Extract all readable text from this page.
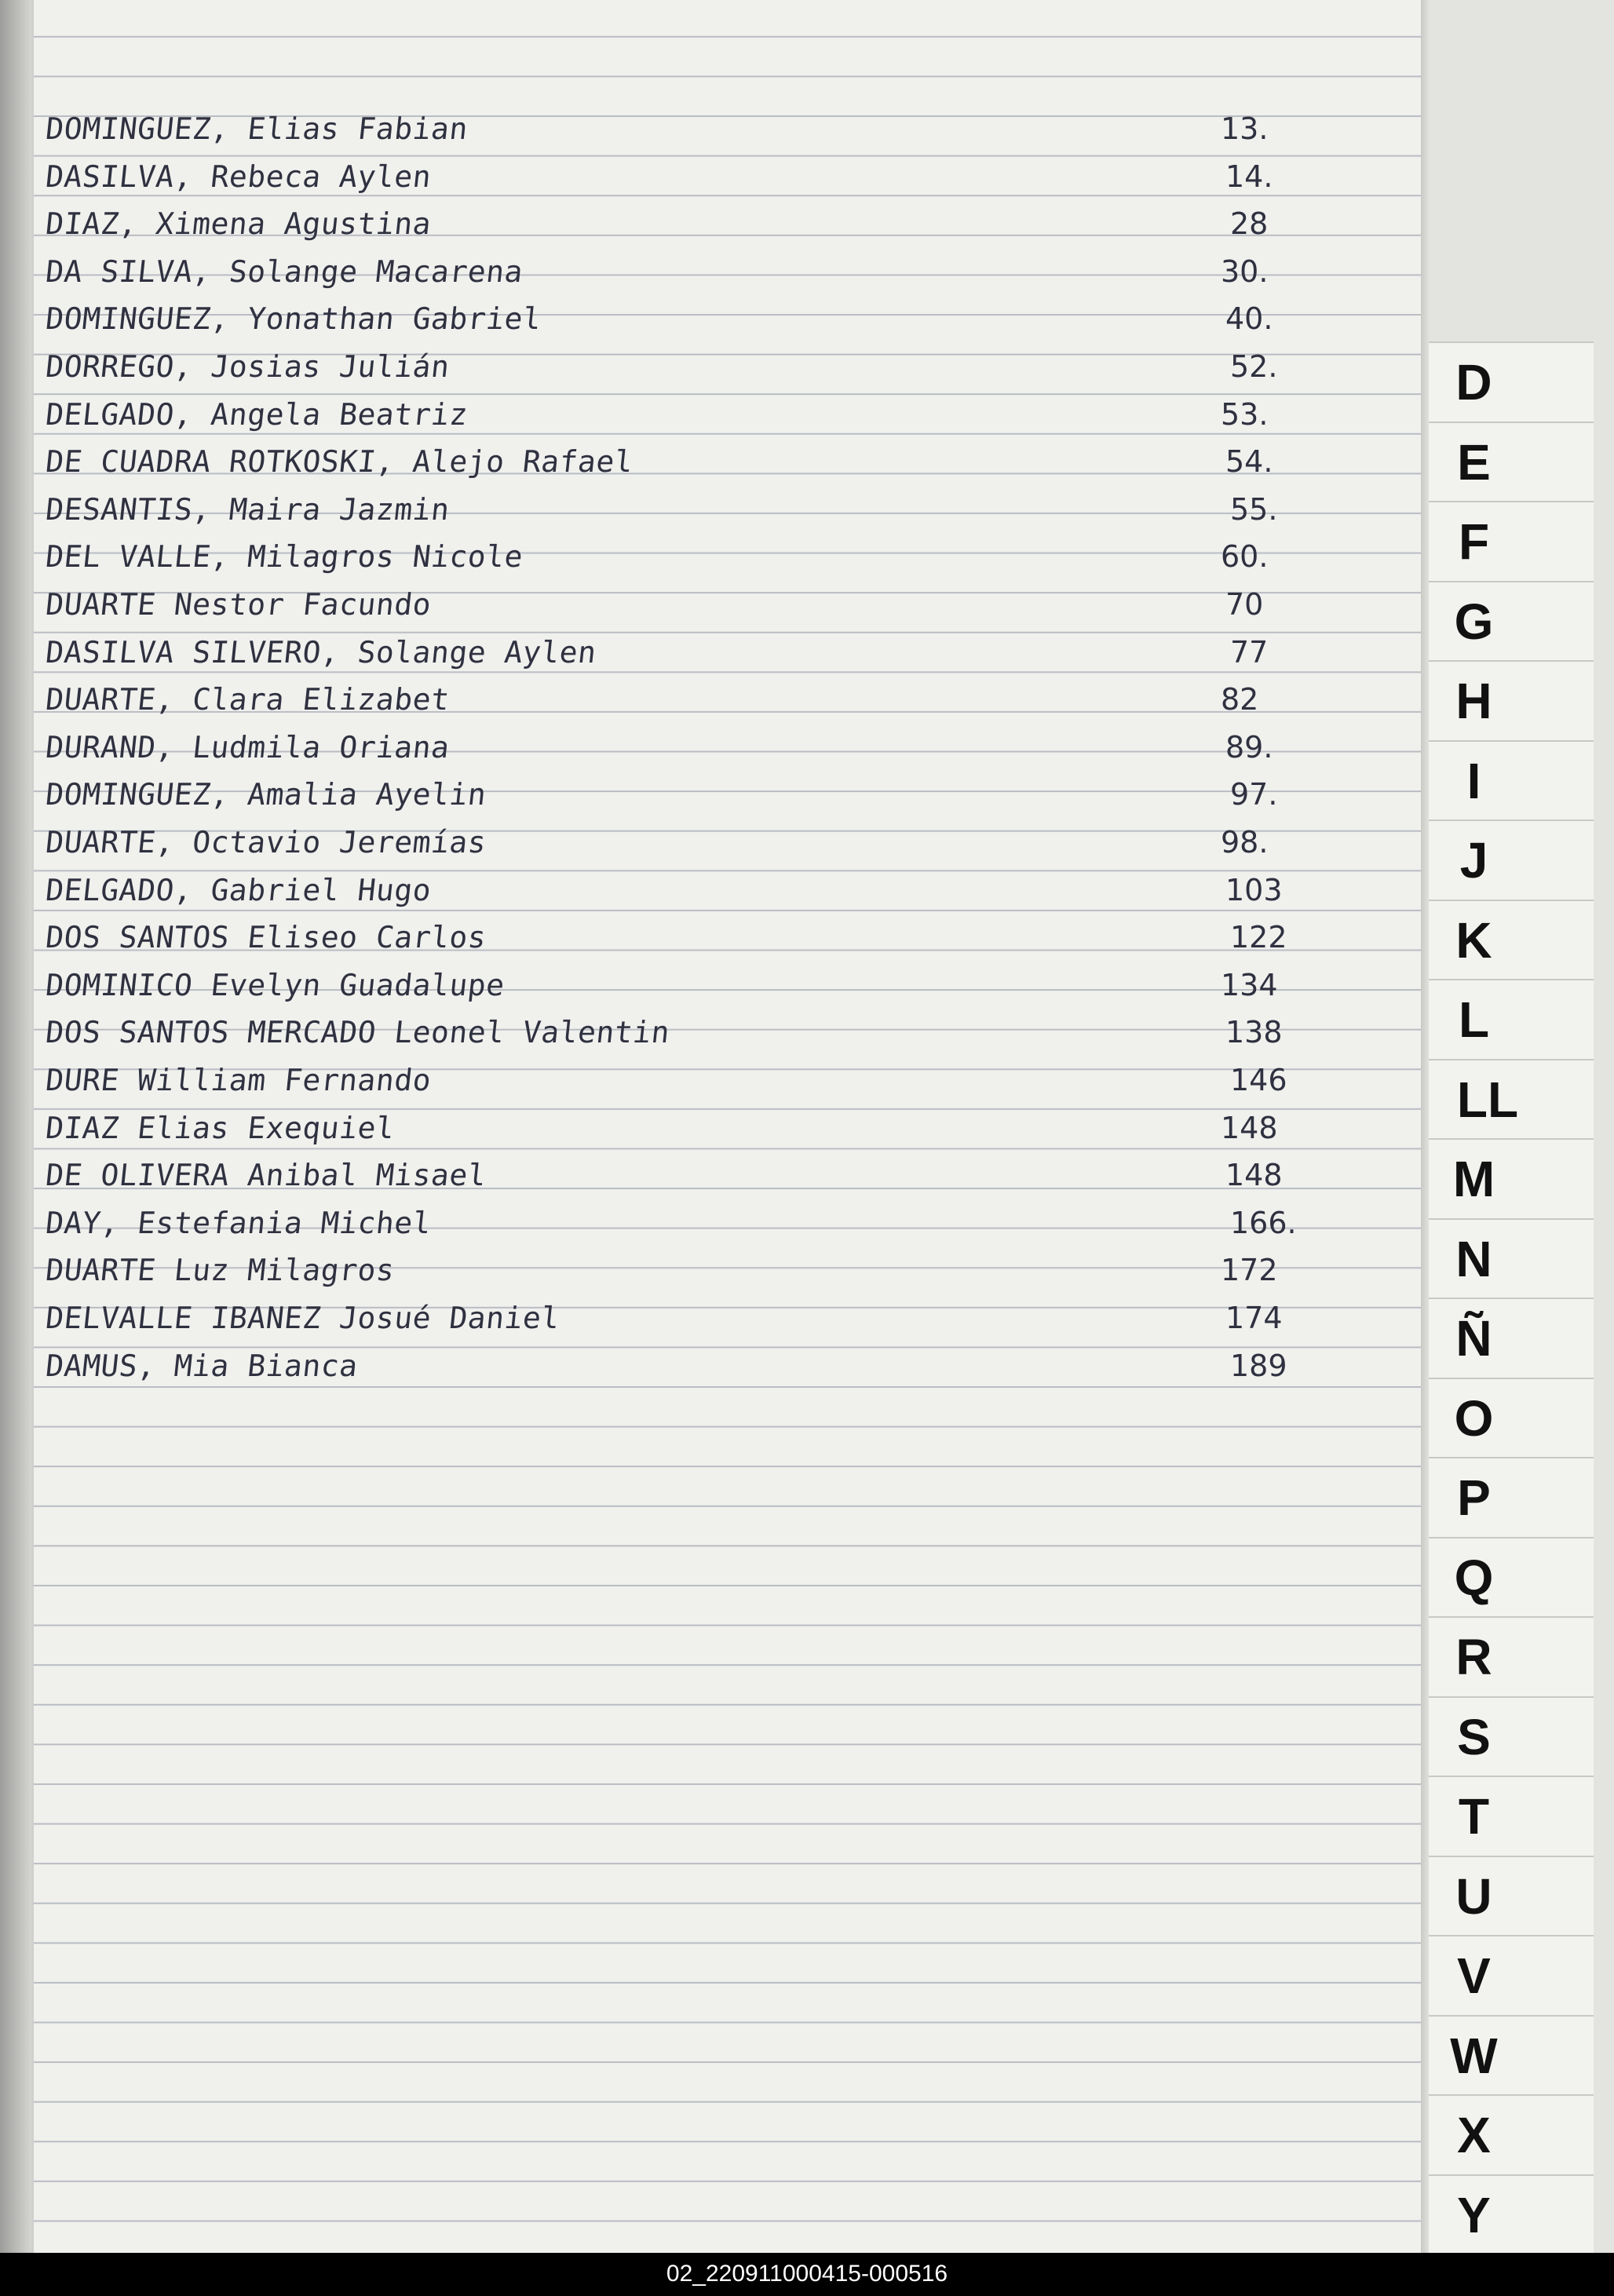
DOMINGUEZ, Elias Fabian	13.
DASILVA, Rebeca Aylen	14.
DIAZ, Ximena Agustina	28
DA SILVA, Solange Macarena	30.
DOMINGUEZ, Yonathan Gabriel	40.
DORREGO, Josias Julián	52.
DELGADO, Angela Beatriz	53.
DE CUADRA ROTKOSKI, Alejo Rafael	54.
DESANTIS, Maira Jazmin	55.
DEL VALLE, Milagros Nicole	60.
DUARTE Nestor Facundo	70
DASILVA SILVERO, Solange Aylen	77
DUARTE, Clara Elizabet	82
DURAND, Ludmila Oriana	89.
DOMINGUEZ, Amalia Ayelin	97.
DUARTE, Octavio Jeremías	98.
DELGADO, Gabriel Hugo	103
DOS SANTOS Eliseo Carlos	122
DOMINICO Evelyn Guadalupe	134
DOS SANTOS MERCADO Leonel Valentin	138
DURE William Fernando	146
DIAZ Elias Exequiel	148
DE OLIVERA Anibal Misael	148
DAY, Estefania Michel	166.
DUARTE Luz Milagros	172
DELVALLE IBANEZ Josué Daniel	174
DAMUS, Mia Bianca	189
D
E
F
G
H
I
J
K
L
LL
M
N
Ñ
O
P
Q
R
S
T
U
V
W
X
Y
02_220911000415-000516
